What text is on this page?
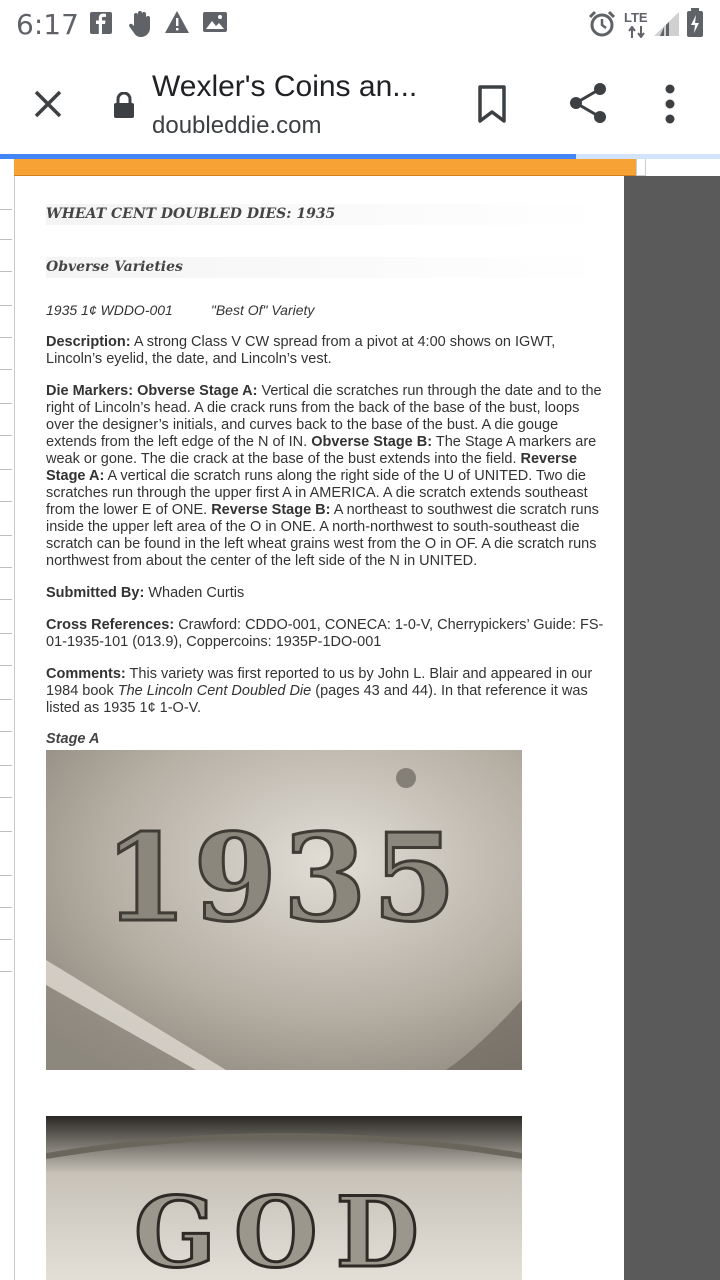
6:17	LTE
Wexler's Coins an...
doubleddie.com
WHEAT CENT DOUBLED DIES: 1935
Obverse Varieties
1935 1¢ WDDO-001	"Best Of" Variety

Description: A strong Class V CW spread from a pivot at 4:00 shows on IGWT, Lincoln’s eyelid, the date, and Lincoln’s vest.

Die Markers: Obverse Stage A: Vertical die scratches run through the date and to the right of Lincoln’s head. A die crack runs from the back of the base of the bust, loops over the designer’s initials, and curves back to the base of the bust. A die gouge extends from the left edge of the N of IN. Obverse Stage B: The Stage A markers are weak or gone. The die crack at the base of the bust extends into the field. Reverse Stage A: A vertical die scratch runs along the right side of the U of UNITED. Two die scratches run through the upper first A in AMERICA. A die scratch extends southeast from the lower E of ONE. Reverse Stage B: A northeast to southwest die scratch runs inside the upper left area of the O in ONE. A north-northwest to south-southeast die scratch can be found in the left wheat grains west from the O in OF. A die scratch runs northwest from about the center of the left side of the N in UNITED.

Submitted By: Whaden Curtis

Cross References: Crawford: CDDO-001, CONECA: 1-0-V, Cherrypickers’ Guide: FS-01-1935-101 (013.9), Coppercoins: 1935P-1DO-001

Comments: This variety was first reported to us by John L. Blair and appeared in our 1984 book The Lincoln Cent Doubled Die (pages 43 and 44). In that reference it was listed as 1935 1¢ 1-O-V.

Stage A
1935
GOD
